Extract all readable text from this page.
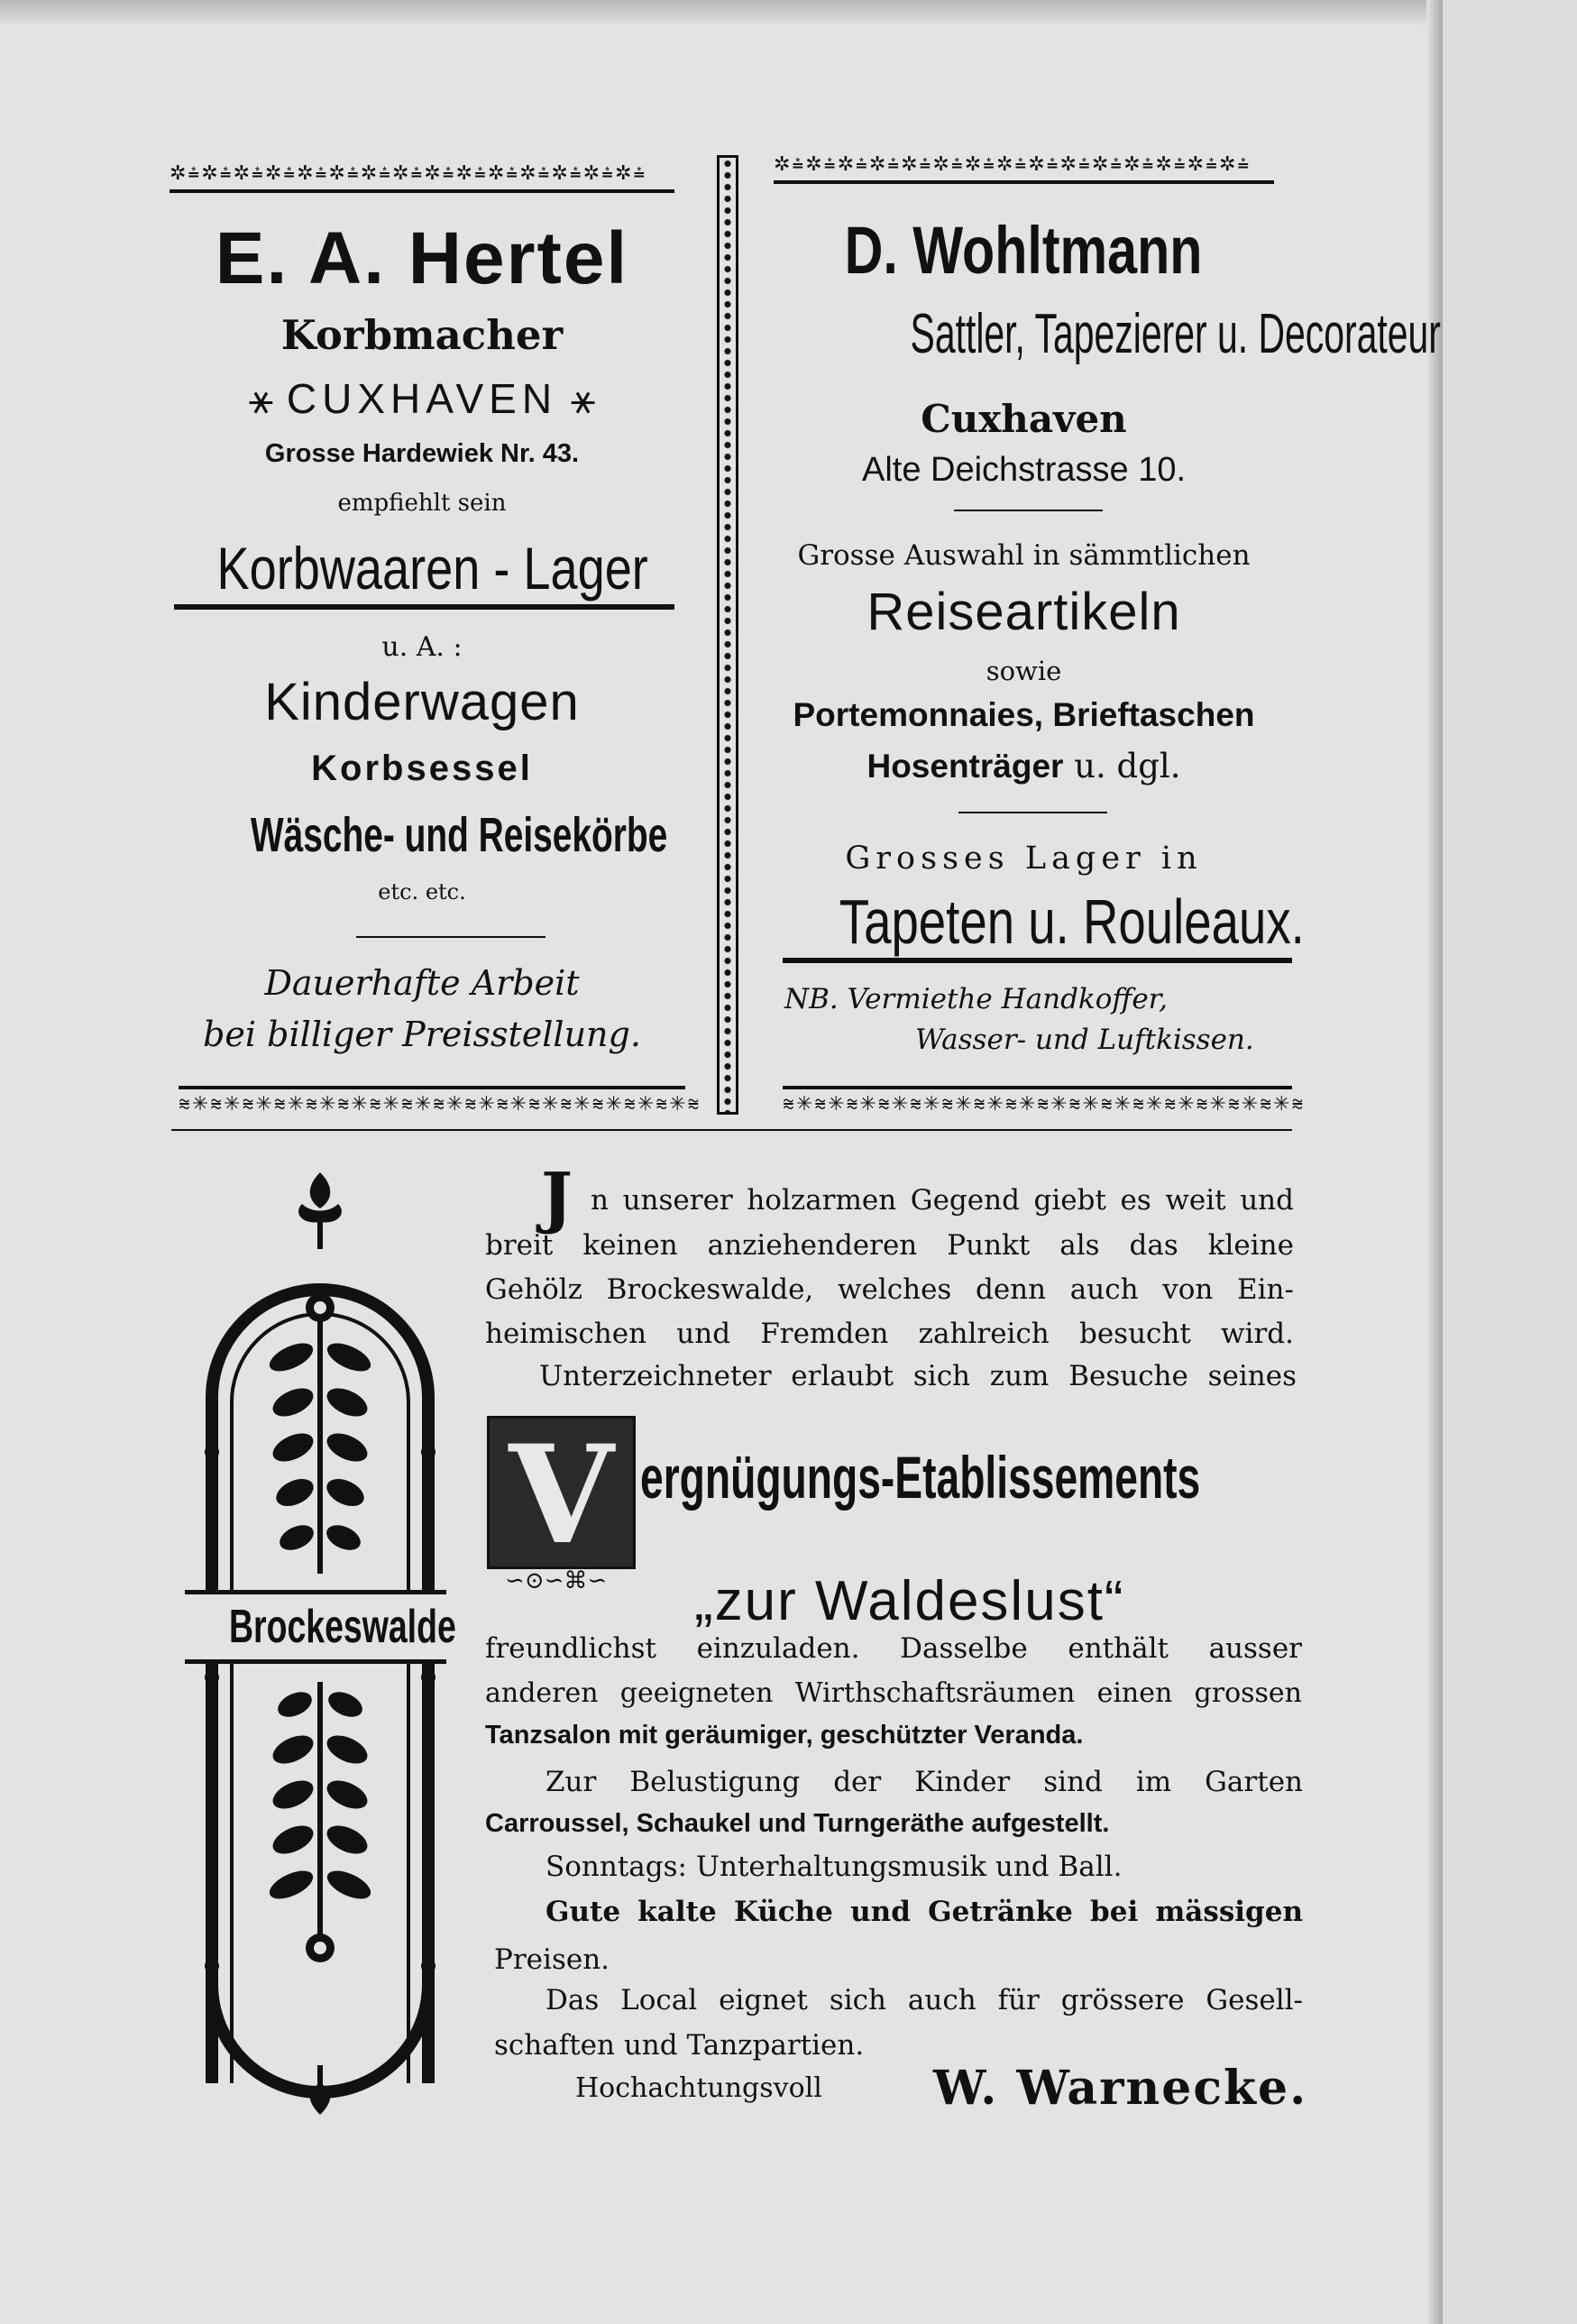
✲⩮✲⩮✲⩮✲⩮✲⩮✲⩮✲⩮✲⩮✲⩮✲⩮✲⩮✲⩮✲⩮✲⩮✲⩮	✲⩮✲⩮✲⩮✲⩮✲⩮✲⩮✲⩮✲⩮✲⩮✲⩮✲⩮✲⩮✲⩮✲⩮✲⩮
E. A. Hertel
Korbmacher
⚹ CUXHAVEN ⚹
Grosse Hardewiek Nr. 43.
empfiehlt sein
Korbwaaren - Lager
u. A. :
Kinderwagen
Korbsessel
Wäsche- und Reisekörbe
etc. etc.
Dauerhafte Arbeit
bei billiger Preisstellung.
D. Wohltmann
Sattler, Tapezierer u. Decorateur
Cuxhaven
Alte Deichstrasse 10.
Grosse Auswahl in sämmtlichen
Reiseartikeln
sowie
Portemonnaies, Brieftaschen
Hosenträger u. dgl.
Grosses Lager in
Tapeten u. Rouleaux.
NB. Vermiethe Handkoffer,
Wasser- und Luftkissen.
⩬✳⩬✳⩬✳⩬✳⩬✳⩬✳⩬✳⩬✳⩬✳⩬✳⩬✳⩬✳⩬✳⩬✳⩬✳⩬✳⩬	⩬✳⩬✳⩬✳⩬✳⩬✳⩬✳⩬✳⩬✳⩬✳⩬✳⩬✳⩬✳⩬✳⩬✳⩬✳⩬✳⩬
Brockeswalde
J n unserer holzarmen Gegend giebt es weit und
breit keinen anziehenderen Punkt als das kleine
Gehölz Brockeswalde, welches denn auch von Ein-
heimischen und Fremden zahlreich besucht wird.
Unterzeichneter erlaubt sich zum Besuche seines
V ergnügungs-Etablissements
∽⊙∽⌘∽ „zur Waldeslust“
freundlichst einzuladen. Dasselbe enthält ausser
anderen geeigneten Wirthschaftsräumen einen grossen
Tanzsalon mit geräumiger, geschützter Veranda.
Zur Belustigung der Kinder sind im Garten
Carroussel, Schaukel und Turngeräthe aufgestellt.
Sonntags: Unterhaltungsmusik und Ball.
Gute kalte Küche und Getränke bei mässigen
Preisen.
Das Local eignet sich auch für grössere Gesell-
schaften und Tanzpartien.
Hochachtungsvoll W. Warnecke.
